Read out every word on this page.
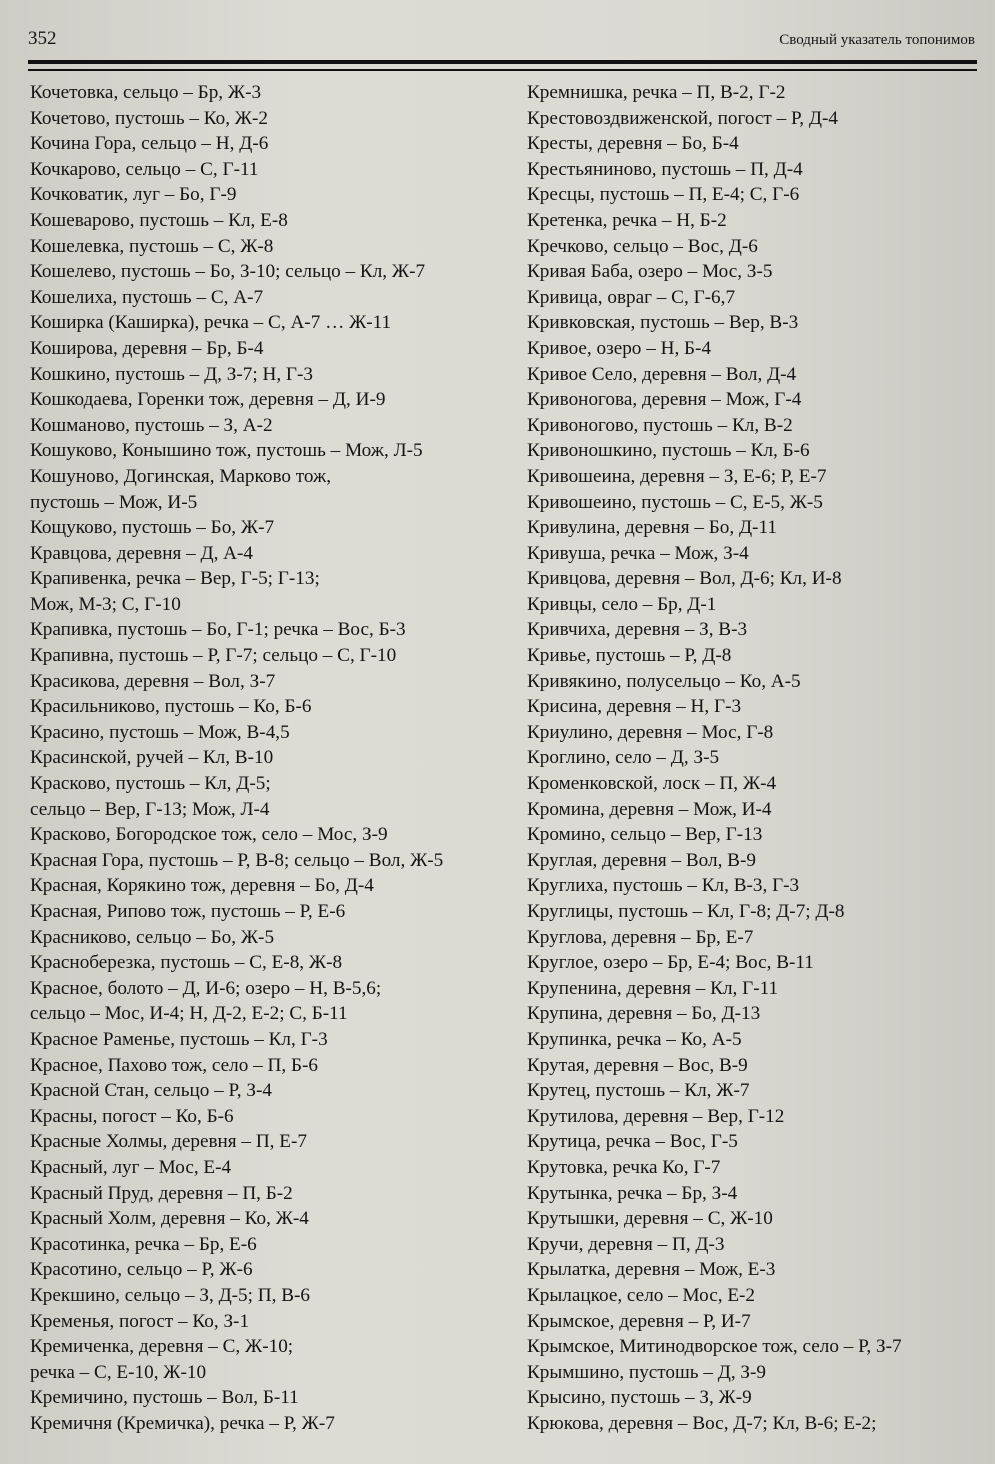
352	Сводный указатель топонимов
Кочетовка, сельцо – Бр, Ж-3
Кочетово, пустошь – Ко, Ж-2
Кочина Гора, сельцо – Н, Д-6
Кочкарово, сельцо – С, Г-11
Кочковатик, луг – Бо, Г-9
Кошеварово, пустошь – Кл, Е-8
Кошелевка, пустошь – С, Ж-8
Кошелево, пустошь – Бо, З-10; сельцо – Кл, Ж-7
Кошелиха, пустошь – С, А-7
Коширка (Каширка), речка – С, А-7 … Ж-11
Коширова, деревня – Бр, Б-4
Кошкино, пустошь – Д, З-7; Н, Г-3
Кошкодаева, Горенки тож, деревня – Д, И-9
Кошманово, пустошь – З, А-2
Кошуково, Конышино тож, пустошь – Мож, Л-5
Кошуново, Догинская, Марково тож,
пустошь – Мож, И-5
Кощуково, пустошь – Бо, Ж-7
Кравцова, деревня – Д, А-4
Крапивенка, речка – Вер, Г-5; Г-13;
Мож, М-3; С, Г-10
Крапивка, пустошь – Бо, Г-1; речка – Вос, Б-3
Крапивна, пустошь – Р, Г-7; сельцо – С, Г-10
Красикова, деревня – Вол, З-7
Красильниково, пустошь – Ко, Б-6
Красино, пустошь – Мож, В-4,5
Красинской, ручей – Кл, В-10
Красково, пустошь – Кл, Д-5;
сельцо – Вер, Г-13; Мож, Л-4
Красково, Богородское тож, село – Мос, З-9
Красная Гора, пустошь – Р, В-8; сельцо – Вол, Ж-5
Красная, Корякино тож, деревня – Бо, Д-4
Красная, Рипово тож, пустошь – Р, Е-6
Красниково, сельцо – Бо, Ж-5
Красноберезка, пустошь – С, Е-8, Ж-8
Красное, болото – Д, И-6; озеро – Н, В-5,6;
сельцо – Мос, И-4; Н, Д-2, Е-2; С, Б-11
Красное Раменье, пустошь – Кл, Г-3
Красное, Пахово тож, село – П, Б-6
Красной Стан, сельцо – Р, З-4
Красны, погост – Ко, Б-6
Красные Холмы, деревня – П, Е-7
Красный, луг – Мос, Е-4
Красный Пруд, деревня – П, Б-2
Красный Холм, деревня – Ко, Ж-4
Красотинка, речка – Бр, Е-6
Красотино, сельцо – Р, Ж-6
Крекшино, сельцо – З, Д-5; П, В-6
Кременья, погост – Ко, З-1
Кремиченка, деревня – С, Ж-10;
речка – С, Е-10, Ж-10
Кремичино, пустошь – Вол, Б-11
Кремичня (Кремичка), речка – Р, Ж-7
Кремнишка, речка – П, В-2, Г-2
Крестовоздвиженской, погост – Р, Д-4
Кресты, деревня – Бо, Б-4
Крестьяниново, пустошь – П, Д-4
Кресцы, пустошь – П, Е-4; С, Г-6
Кретенка, речка – Н, Б-2
Кречково, сельцо – Вос, Д-6
Кривая Баба, озеро – Мос, З-5
Кривица, овраг – С, Г-6,7
Кривковская, пустошь – Вер, В-3
Кривое, озеро – Н, Б-4
Кривое Село, деревня – Вол, Д-4
Кривоногова, деревня – Мож, Г-4
Кривоногово, пустошь – Кл, В-2
Кривоношкино, пустошь – Кл, Б-6
Кривошеина, деревня – З, Е-6; Р, Е-7
Кривошеино, пустошь – С, Е-5, Ж-5
Кривулина, деревня – Бо, Д-11
Кривуша, речка – Мож, З-4
Кривцова, деревня – Вол, Д-6; Кл, И-8
Кривцы, село – Бр, Д-1
Кривчиха, деревня – З, В-3
Кривье, пустошь – Р, Д-8
Кривякино, полусельцо – Ко, А-5
Крисина, деревня – Н, Г-3
Криулино, деревня – Мос, Г-8
Кроглино, село – Д, З-5
Кроменковской, лоск – П, Ж-4
Кромина, деревня – Мож, И-4
Кромино, сельцо – Вер, Г-13
Круглая, деревня – Вол, В-9
Круглиха, пустошь – Кл, В-3, Г-3
Круглицы, пустошь – Кл, Г-8; Д-7; Д-8
Круглова, деревня – Бр, Е-7
Круглое, озеро – Бр, Е-4; Вос, В-11
Крупенина, деревня – Кл, Г-11
Крупина, деревня – Бо, Д-13
Крупинка, речка – Ко, А-5
Крутая, деревня – Вос, В-9
Крутец, пустошь – Кл, Ж-7
Крутилова, деревня – Вер, Г-12
Крутица, речка – Вос, Г-5
Крутовка, речка Ко, Г-7
Крутынка, речка – Бр, З-4
Крутышки, деревня – С, Ж-10
Кручи, деревня – П, Д-3
Крылатка, деревня – Мож, Е-3
Крылацкое, село – Мос, Е-2
Крымское, деревня – Р, И-7
Крымское, Митинодворское тож, село – Р, З-7
Крымшино, пустошь – Д, З-9
Крысино, пустошь – З, Ж-9
Крюкова, деревня – Вос, Д-7; Кл, В-6; Е-2;
